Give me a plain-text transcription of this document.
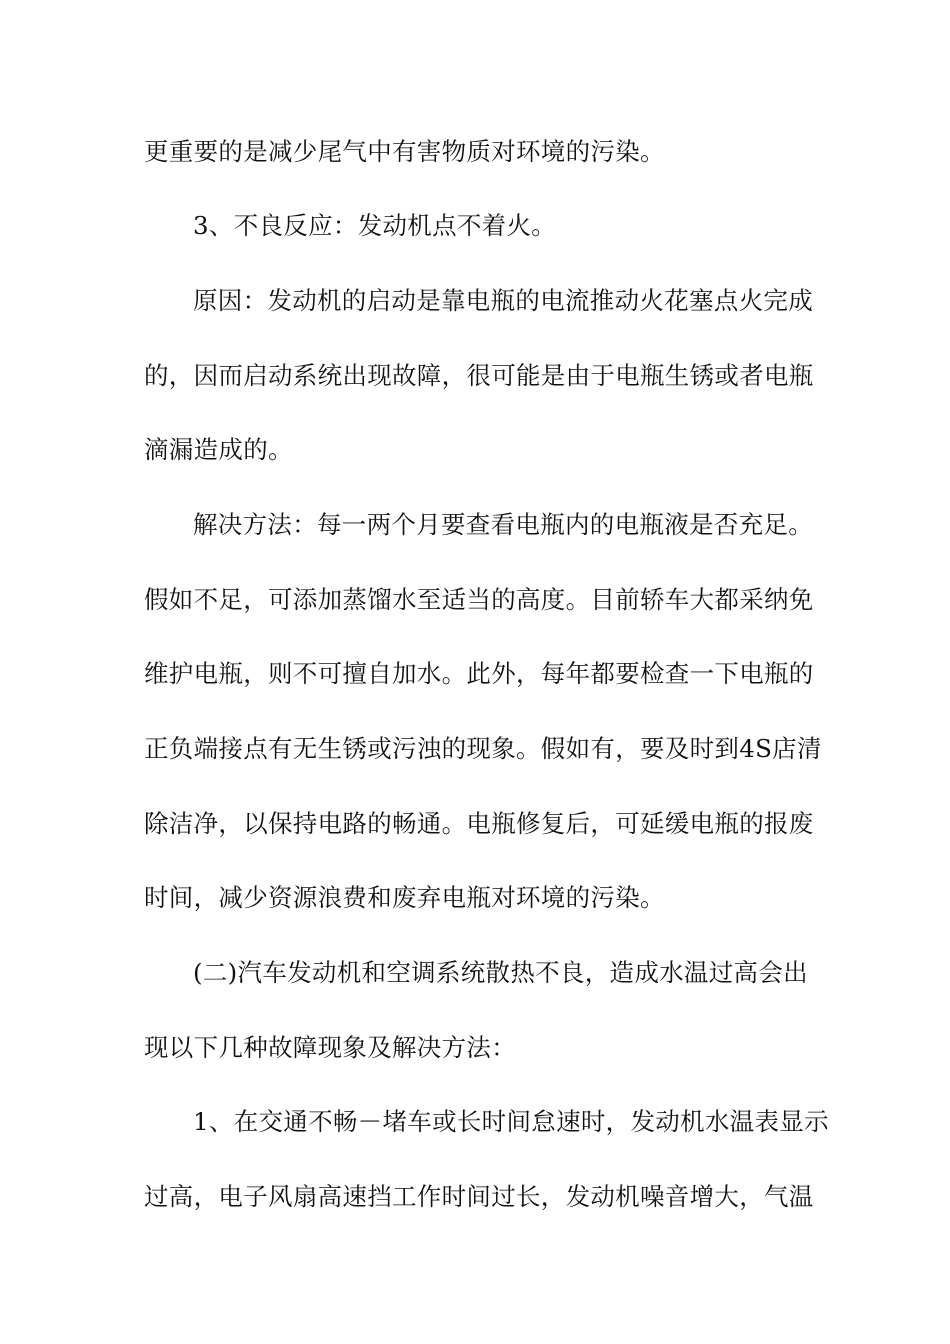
更重要的是减少尾气中有害物质对环境的污染。
3、不良反应：发动机点不着火。
原因：发动机的启动是靠电瓶的电流推动火花塞点火完成
的，因而启动系统出现故障，很可能是由于电瓶生锈或者电瓶
滴漏造成的。
解决方法：每一两个月要查看电瓶内的电瓶液是否充足。
假如不足，可添加蒸馏水至适当的高度。目前轿车大都采纳免
维护电瓶，则不可擅自加水。此外，每年都要检查一下电瓶的
正负端接点有无生锈或污浊的现象。假如有，要及时到4S店清
除洁净，以保持电路的畅通。电瓶修复后，可延缓电瓶的报废
时间，减少资源浪费和废弃电瓶对环境的污染。
(二)汽车发动机和空调系统散热不良，造成水温过高会出
现以下几种故障现象及解决方法：
1、在交通不畅－堵车或长时间怠速时，发动机水温表显示
过高，电子风扇高速挡工作时间过长，发动机噪音增大，气温
